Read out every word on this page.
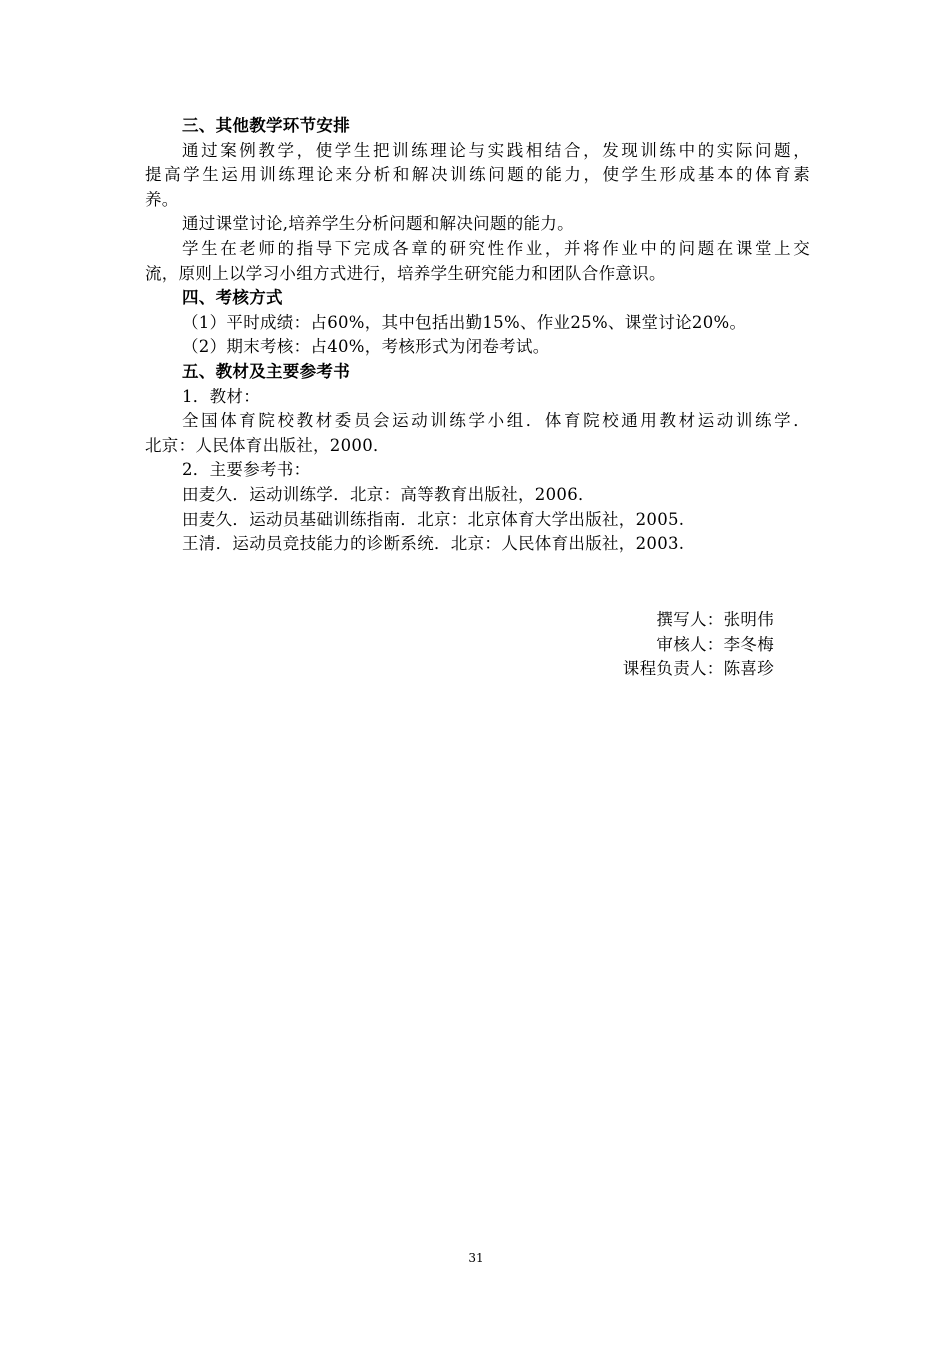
三、其他教学环节安排
通过案例教学，使学生把训练理论与实践相结合，发现训练中的实际问题，
提高学生运用训练理论来分析和解决训练问题的能力，使学生形成基本的体育素
养。
通过课堂讨论,培养学生分析问题和解决问题的能力。
学生在老师的指导下完成各章的研究性作业，并将作业中的问题在课堂上交
流，原则上以学习小组方式进行，培养学生研究能力和团队合作意识。
四、考核方式
（1）平时成绩：占60%，其中包括出勤15%、作业25%、课堂讨论20%。
（2）期末考核：占40%，考核形式为闭卷考试。
五、教材及主要参考书
1．教材：
全国体育院校教材委员会运动训练学小组．体育院校通用教材运动训练学．
北京：人民体育出版社，2000．
2．主要参考书：
田麦久．运动训练学．北京：高等教育出版社，2006．
田麦久．运动员基础训练指南．北京：北京体育大学出版社，2005.
王清．运动员竞技能力的诊断系统．北京：人民体育出版社，2003.
撰写人：张明伟
审核人：李冬梅
课程负责人：陈喜珍
31
